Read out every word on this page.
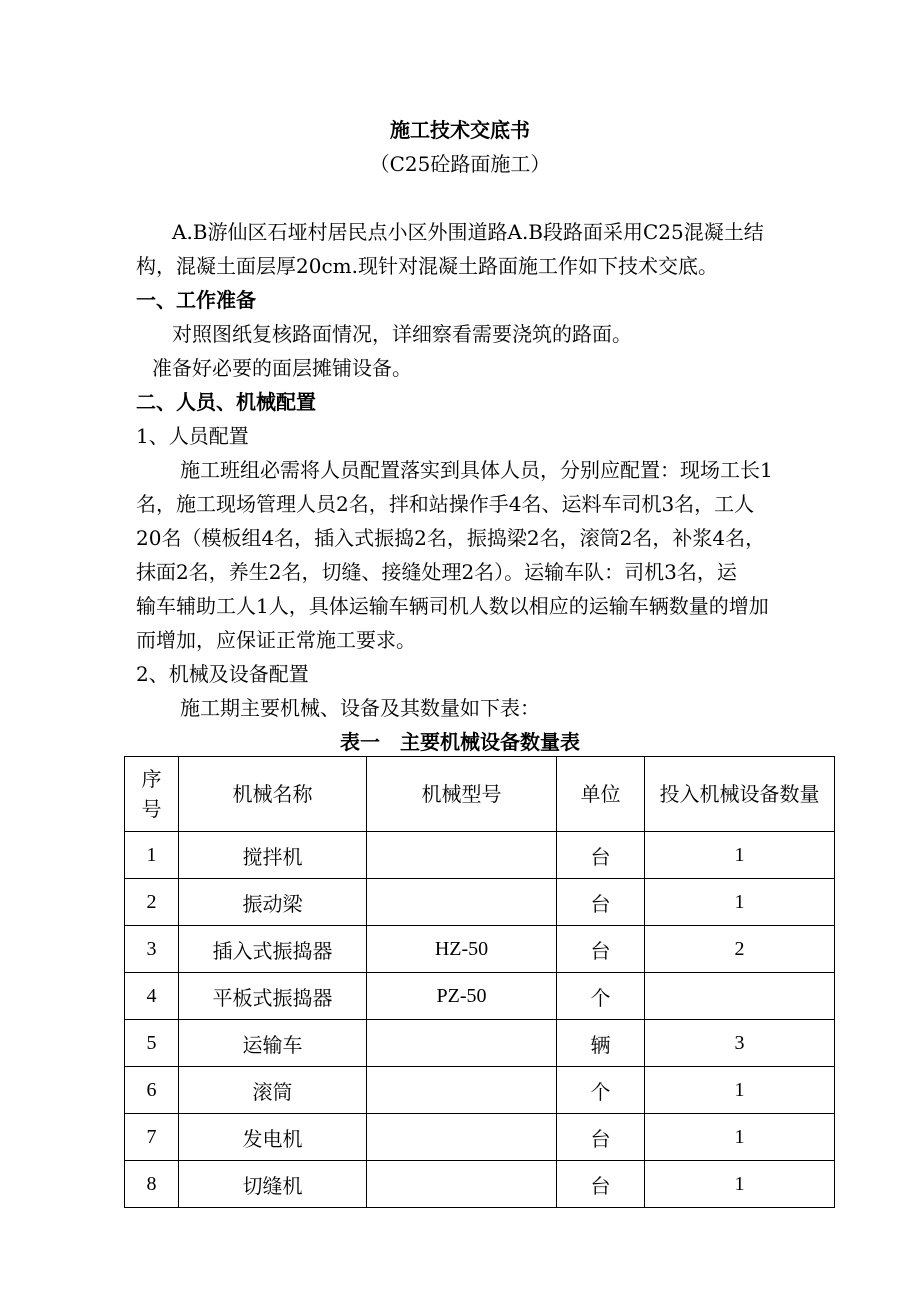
施工技术交底书
（C25砼路面施工）
A.B游仙区石垭村居民点小区外围道路A.B段路面采用C25混凝土结
构，混凝土面层厚20cm.现针对混凝土路面施工作如下技术交底。
一、工作准备
对照图纸复核路面情况，详细察看需要浇筑的路面。
准备好必要的面层摊铺设备。
二、人员、机械配置
1、人员配置
施工班组必需将人员配置落实到具体人员，分别应配置：现场工长1
名，施工现场管理人员2名，拌和站操作手4名、运料车司机3名，工人
20名（模板组4名，插入式振捣2名，振捣梁2名，滚筒2名，补浆4名，
抹面2名，养生2名，切缝、接缝处理2名）。运输车队：司机3名，运
输车辅助工人1人，具体运输车辆司机人数以相应的运输车辆数量的增加
而增加，应保证正常施工要求。
2、机械及设备配置
施工期主要机械、设备及其数量如下表：
表一　主要机械设备数量表
序
号	机械名称	机械型号	单位	投入机械设备数量
1	搅拌机		台	1
2	振动梁		台	1
3	插入式振捣器	HZ-50	台	2
4	平板式振捣器	PZ-50	个	
5	运输车		辆	3
6	滚筒		个	1
7	发电机		台	1
8	切缝机		台	1
